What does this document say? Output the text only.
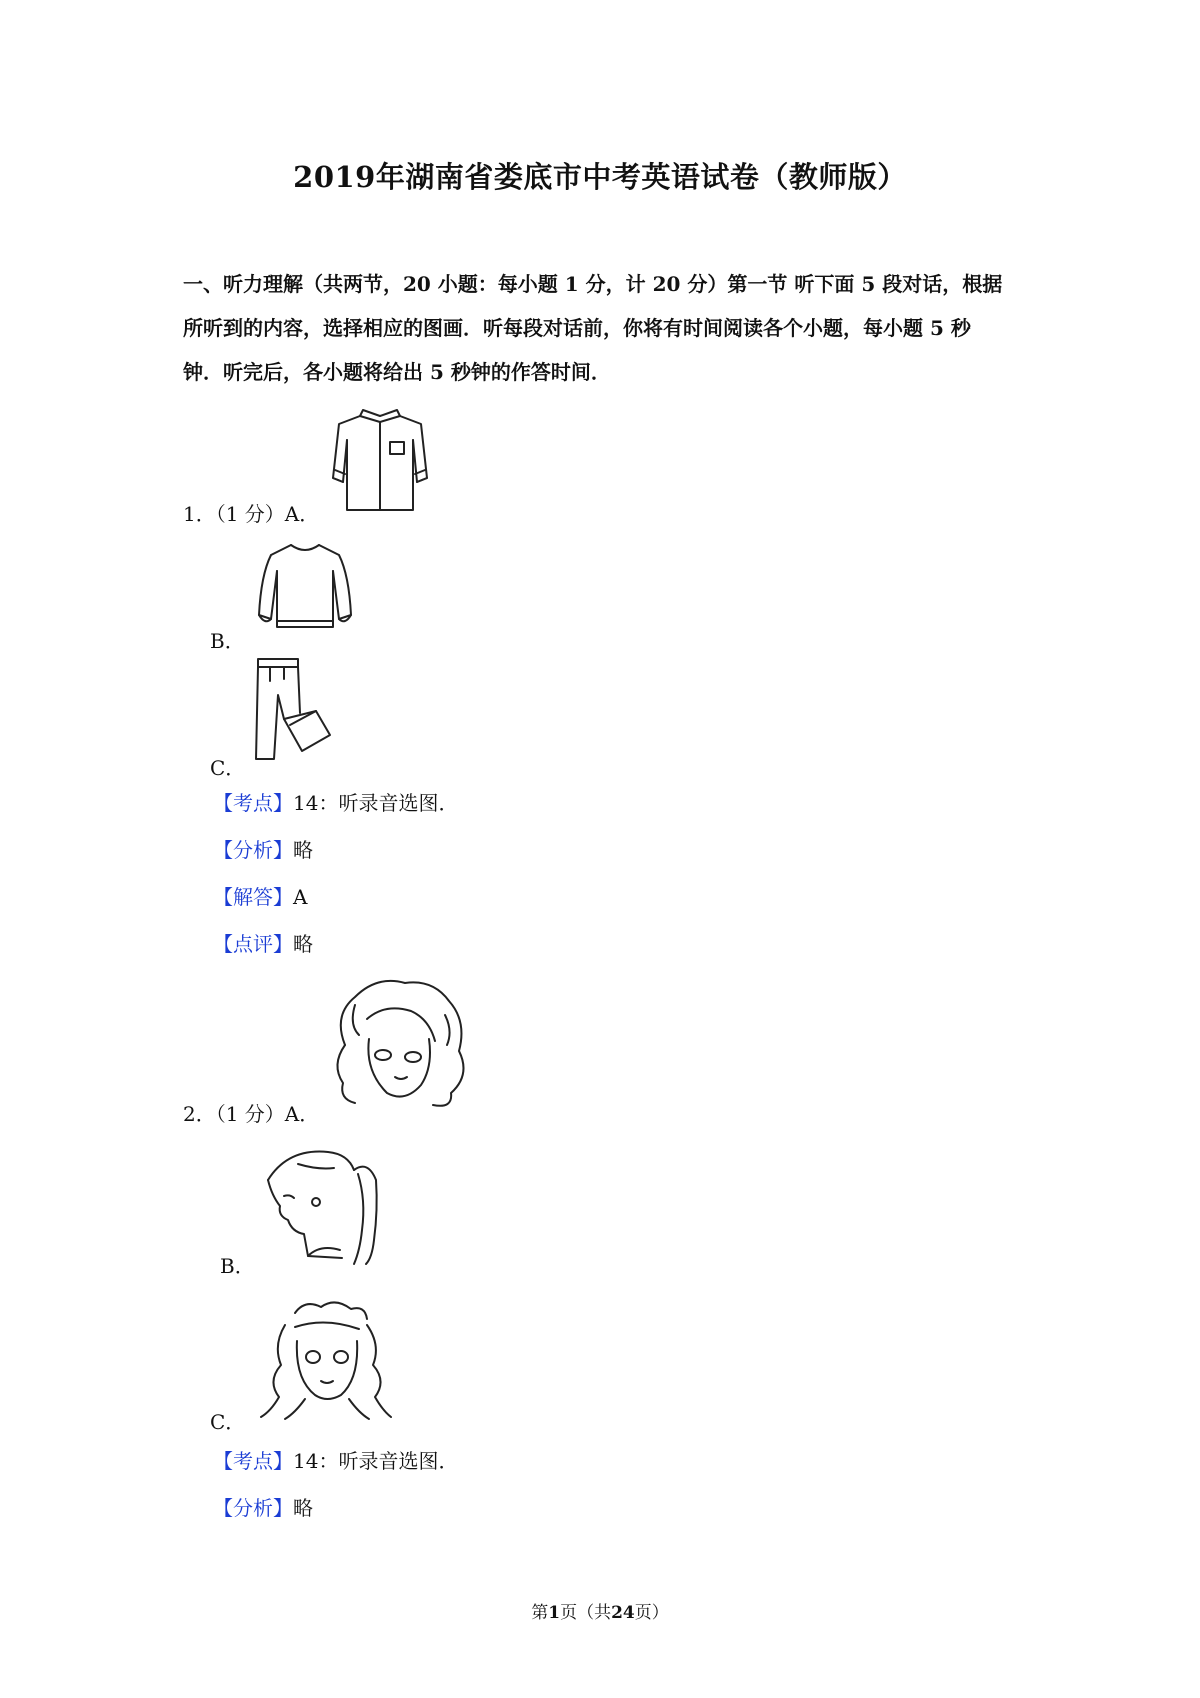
2019年湖南省娄底市中考英语试卷（教师版）
一、听力理解（共两节，20 小题：每小题 1 分，计 20 分）第一节 听下面 5 段对话，根据
所听到的内容，选择相应的图画．听每段对话前，你将有时间阅读各个小题，每小题 5 秒
钟．听完后，各小题将给出 5 秒钟的作答时间．
1．（1 分）A．
B．
C．
【考点】14：听录音选图．
【分析】略
【解答】A
【点评】略
2．（1 分）A．
B．
C．
【考点】14：听录音选图．
【分析】略
第1页（共24页）
